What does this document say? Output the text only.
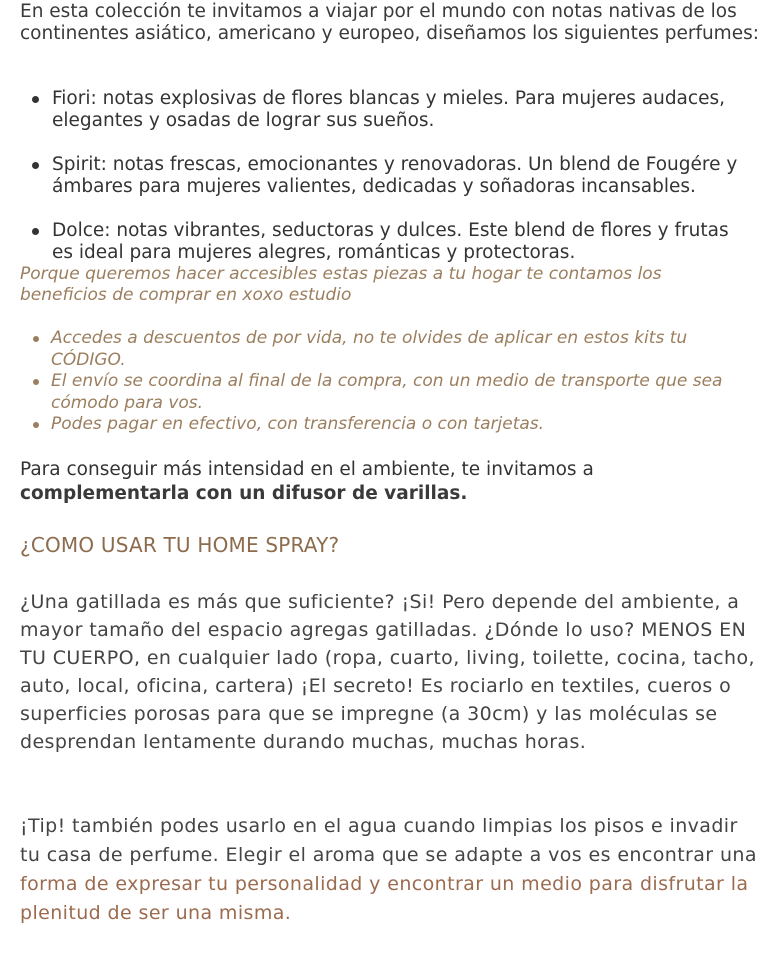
En esta colección te invitamos a viajar por el mundo con notas nativas de los continentes asiático, americano y europeo, diseñamos los siguientes perfumes:

Fiori: notas explosivas de flores blancas y mieles. Para mujeres audaces, elegantes y osadas de lograr sus sueños.
Spirit: notas frescas, emocionantes y renovadoras. Un blend de Fougére y ámbares para mujeres valientes, dedicadas y soñadoras incansables.
Dolce: notas vibrantes, seductoras y dulces. Este blend de flores y frutas es ideal para mujeres alegres, románticas y protectoras.

Porque queremos hacer accesibles estas piezas a tu hogar te contamos los beneficios de comprar en xoxo estudio

Accedes a descuentos de por vida, no te olvides de aplicar en estos kits tu CÓDIGO.
El envío se coordina al final de la compra, con un medio de transporte que sea cómodo para vos.
Podes pagar en efectivo, con transferencia o con tarjetas.

Para conseguir más intensidad en el ambiente, te invitamos a complementarla con un difusor de varillas.

¿COMO USAR TU HOME SPRAY?

¿Una gatillada es más que suficiente? ¡Si! Pero depende del ambiente, a mayor tamaño del espacio agregas gatilladas. ¿Dónde lo uso? MENOS EN TU CUERPO, en cualquier lado (ropa, cuarto, living, toilette, cocina, tacho, auto, local, oficina, cartera) ¡El secreto! Es rociarlo en textiles, cueros o superficies porosas para que se impregne (a 30cm) y las moléculas se desprendan lentamente durando muchas, muchas horas.

¡Tip! también podes usarlo en el agua cuando limpias los pisos e invadir tu casa de perfume. Elegir el aroma que se adapte a vos es encontrar una forma de expresar tu personalidad y encontrar un medio para disfrutar la plenitud de ser una misma.
